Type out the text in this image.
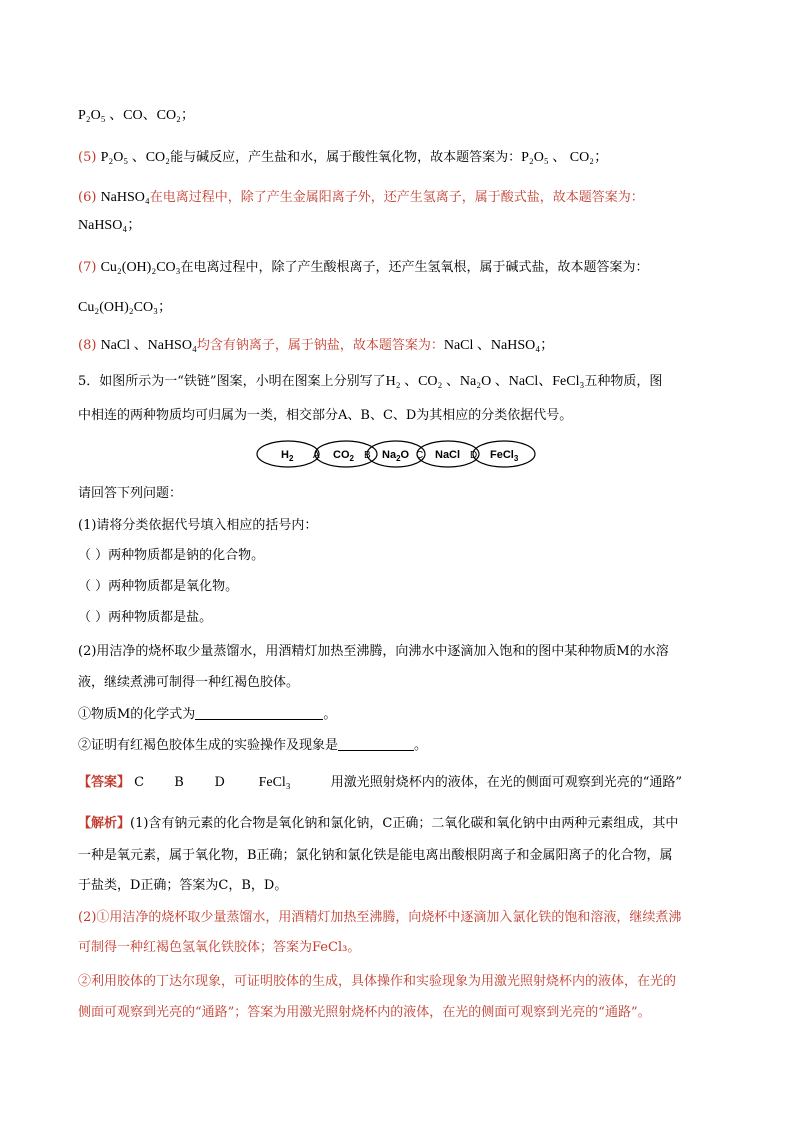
P₂O₅ 、CO、CO₂；
(5) P₂O₅ 、CO₂能与碱反应，产生盐和水，属于酸性氧化物，故本题答案为：P₂O₅ 、 CO₂；
(6) NaHSO₄在电离过程中，除了产生金属阳离子外，还产生氢离子，属于酸式盐，故本题答案为：
NaHSO₄；
(7) Cu₂(OH)₂CO₃在电离过程中，除了产生酸根离子，还产生氢氧根，属于碱式盐，故本题答案为：
Cu₂(OH)₂CO₃；
(8) NaCl 、NaHSO₄均含有钠离子，属于钠盐，故本题答案为：NaCl 、NaHSO₄；
5．如图所示为一“铁链”图案，小明在图案上分别写了H₂ 、CO₂ 、Na₂O 、NaCl、FeCl₃五种物质，图
中相连的两种物质均可归属为一类，相交部分A、B、C、D为其相应的分类依据代号。
$H_2$	$CO_2$	$Na_2O$ NaCl	FeCl$_3$
A	B	C	D
请回答下列问题：
(1)请将分类依据代号填入相应的括号内：
（ ）两种物质都是钠的化合物。
（ ）两种物质都是氧化物。
（ ）两种物质都是盐。
(2)用洁净的烧杯取少量蒸馏水，用酒精灯加热至沸腾，向沸水中逐滴加入饱和的图中某种物质M的水溶
液，继续煮沸可制得一种红褐色胶体。
①物质M的化学式为	。
②证明有红褐色胶体生成的实验操作及现象是	。
【答案】 C B D FeCl₃	用激光照射烧杯内的液体，在光的侧面可观察到光亮的“通路”
【解析】(1)含有钠元素的化合物是氧化钠和氯化钠，C正确；二氧化碳和氧化钠中由两种元素组成，其中
一种是氧元素，属于氧化物，B正确；氯化钠和氯化铁是能电离出酸根阴离子和金属阳离子的化合物，属
于盐类，D正确；答案为C，B，D。
(2)①用洁净的烧杯取少量蒸馏水，用酒精灯加热至沸腾，向烧杯中逐滴加入氯化铁的饱和溶液，继续煮沸
可制得一种红褐色氢氧化铁胶体；答案为FeCl₃。
②利用胶体的丁达尔现象，可证明胶体的生成，具体操作和实验现象为用激光照射烧杯内的液体，在光的
侧面可观察到光亮的“通路”；答案为用激光照射烧杯内的液体，在光的侧面可观察到光亮的“通路”。
